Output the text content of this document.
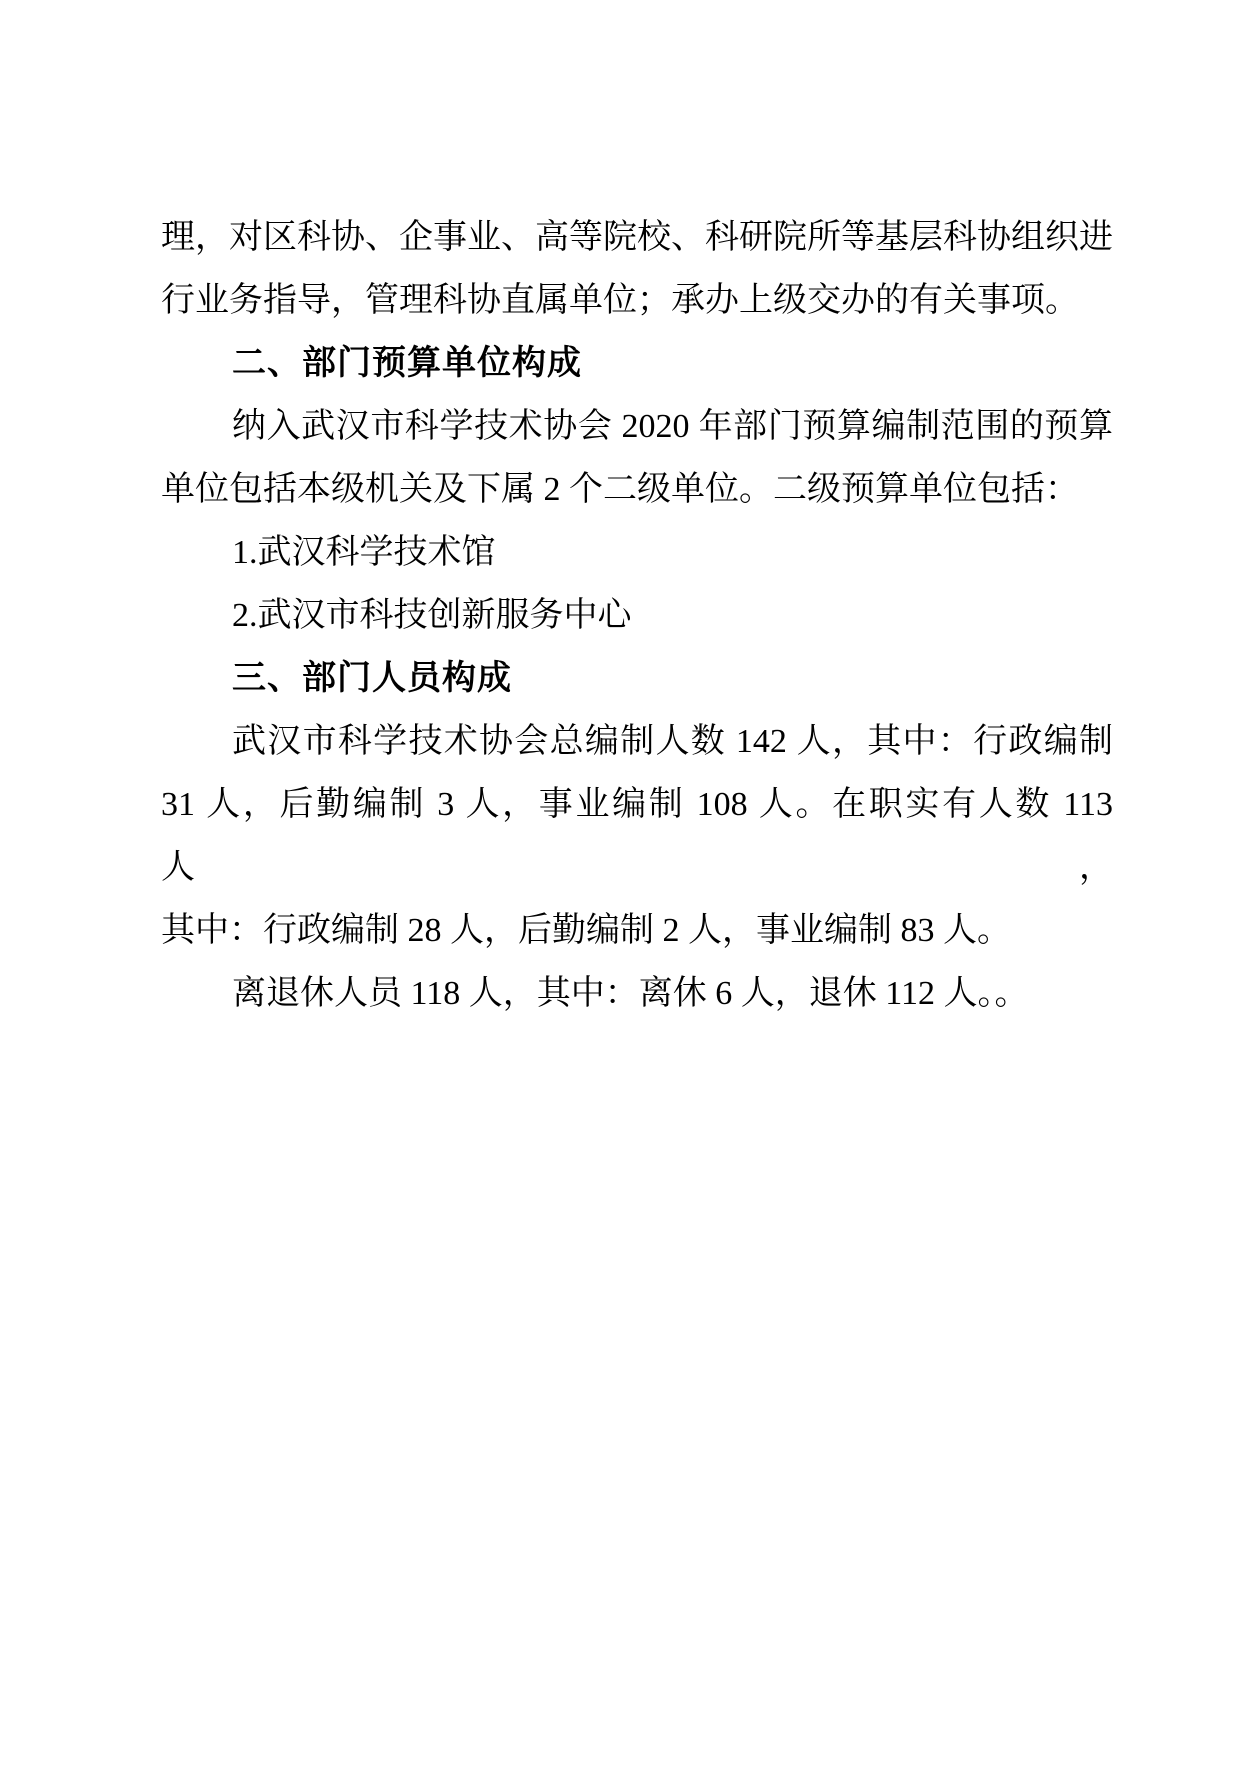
理，对区科协、企事业、高等院校、科研院所等基层科协组织进
行业务指导，管理科协直属单位；承办上级交办的有关事项。
二、部门预算单位构成
纳入武汉市科学技术协会 2020 年部门预算编制范围的预算
单位包括本级机关及下属 2 个二级单位。二级预算单位包括：
1.武汉科学技术馆
2.武汉市科技创新服务中心
三、部门人员构成
武汉市科学技术协会总编制人数 142 人，其中：行政编制
31 人，后勤编制 3 人，事业编制 108 人。在职实有人数 113 人，
其中：行政编制 28 人，后勤编制 2 人，事业编制 83 人。
离退休人员 118 人，其中：离休 6 人，退休 112 人。。
